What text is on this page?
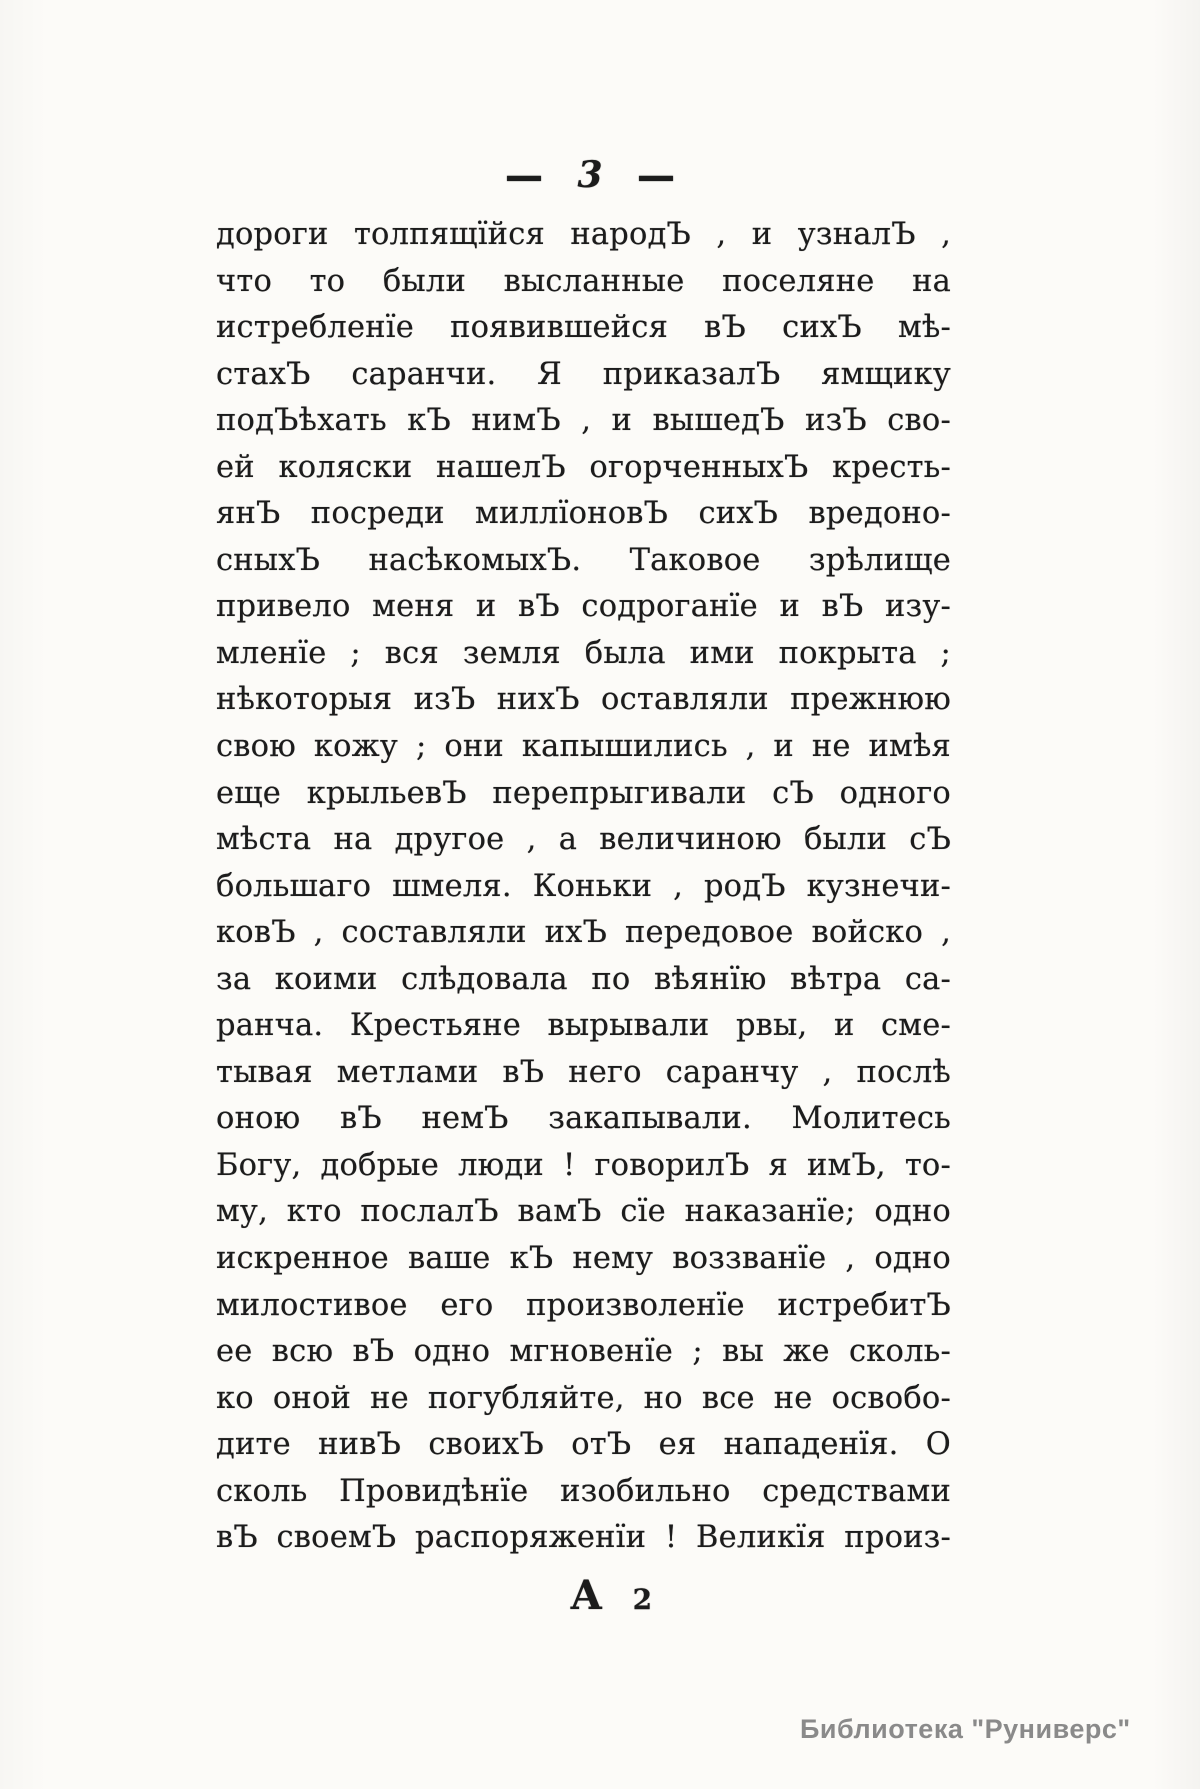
— 3 —
дороги толпящїйся народЪ , и узналЪ ,
что то были высланные поселяне на
истребленїе появившейся вЪ сихЪ мѣ-
стахЪ саранчи. Я приказалЪ ямщику
подЪѣхать кЪ нимЪ , и вышедЪ изЪ сво-
ей коляски нашелЪ огорченныхЪ кресть-
янЪ посреди миллїоновЪ сихЪ вредоно-
сныхЪ насѣкомыхЪ. Таковое зрѣлище
привело меня и вЪ содроганїе и вЪ изу-
мленїе ; вся земля была ими покрыта ;
нѣкоторыя изЪ нихЪ оставляли прежнюю
свою кожу ; они капышились , и не имѣя
еще крыльевЪ перепрыгивали сЪ одного
мѣста на другое , а величиною были сЪ
большаго шмеля. Коньки , родЪ кузнечи-
ковЪ , составляли ихЪ передовое войско ,
за коими слѣдовала по вѣянїю вѣтра са-
ранча. Крестьяне вырывали рвы, и сме-
тывая метлами вЪ него саранчу , послѣ
оною вЪ немЪ закапывали. Молитесь
Богу, добрые люди ! говорилЪ я имЪ, то-
му, кто послалЪ вамЪ сїе наказанїе; одно
искренное ваше кЪ нему воззванїе , одно
милостивое его произволенїе истребитЪ
ее всю вЪ одно мгновенїе ; вы же сколь-
ко оной не погубляйте, но все не освобо-
дите нивЪ своихЪ отЪ ея нападенїя. О
сколь Провидѣнїе изобильно средствами
вЪ своемЪ распоряженїи ! Великїя произ-
А 2
Библиотека "Руниверс"
